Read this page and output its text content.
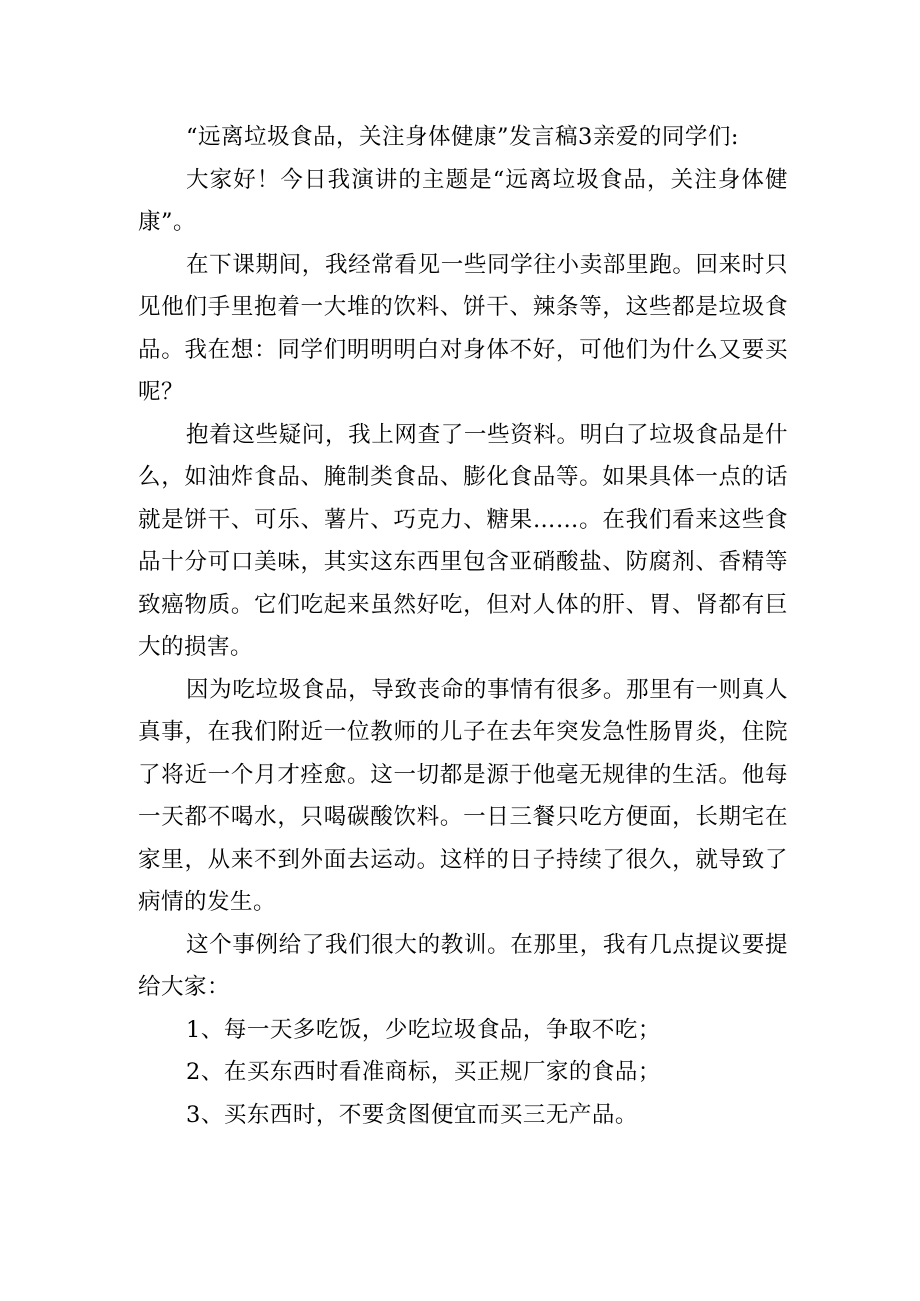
“远离垃圾食品，关注身体健康”发言稿3亲爱的同学们:

大家好！今日我演讲的主题是“远离垃圾食品，关注身体健康”。

在下课期间，我经常看见一些同学往小卖部里跑。回来时只见他们手里抱着一大堆的饮料、饼干、辣条等，这些都是垃圾食品。我在想：同学们明明明白对身体不好，可他们为什么又要买呢？

抱着这些疑问，我上网查了一些资料。明白了垃圾食品是什么，如油炸食品、腌制类食品、膨化食品等。如果具体一点的话就是饼干、可乐、薯片、巧克力、糖果……。在我们看来这些食品十分可口美味，其实这东西里包含亚硝酸盐、防腐剂、香精等致癌物质。它们吃起来虽然好吃，但对人体的肝、胃、肾都有巨大的损害。

因为吃垃圾食品，导致丧命的事情有很多。那里有一则真人真事，在我们附近一位教师的儿子在去年突发急性肠胃炎，住院了将近一个月才痊愈。这一切都是源于他毫无规律的生活。他每一天都不喝水，只喝碳酸饮料。一日三餐只吃方便面，长期宅在家里，从来不到外面去运动。这样的日子持续了很久，就导致了病情的发生。

这个事例给了我们很大的教训。在那里，我有几点提议要提给大家：

1、每一天多吃饭，少吃垃圾食品，争取不吃；

2、在买东西时看准商标，买正规厂家的食品；

3、买东西时，不要贪图便宜而买三无产品。
